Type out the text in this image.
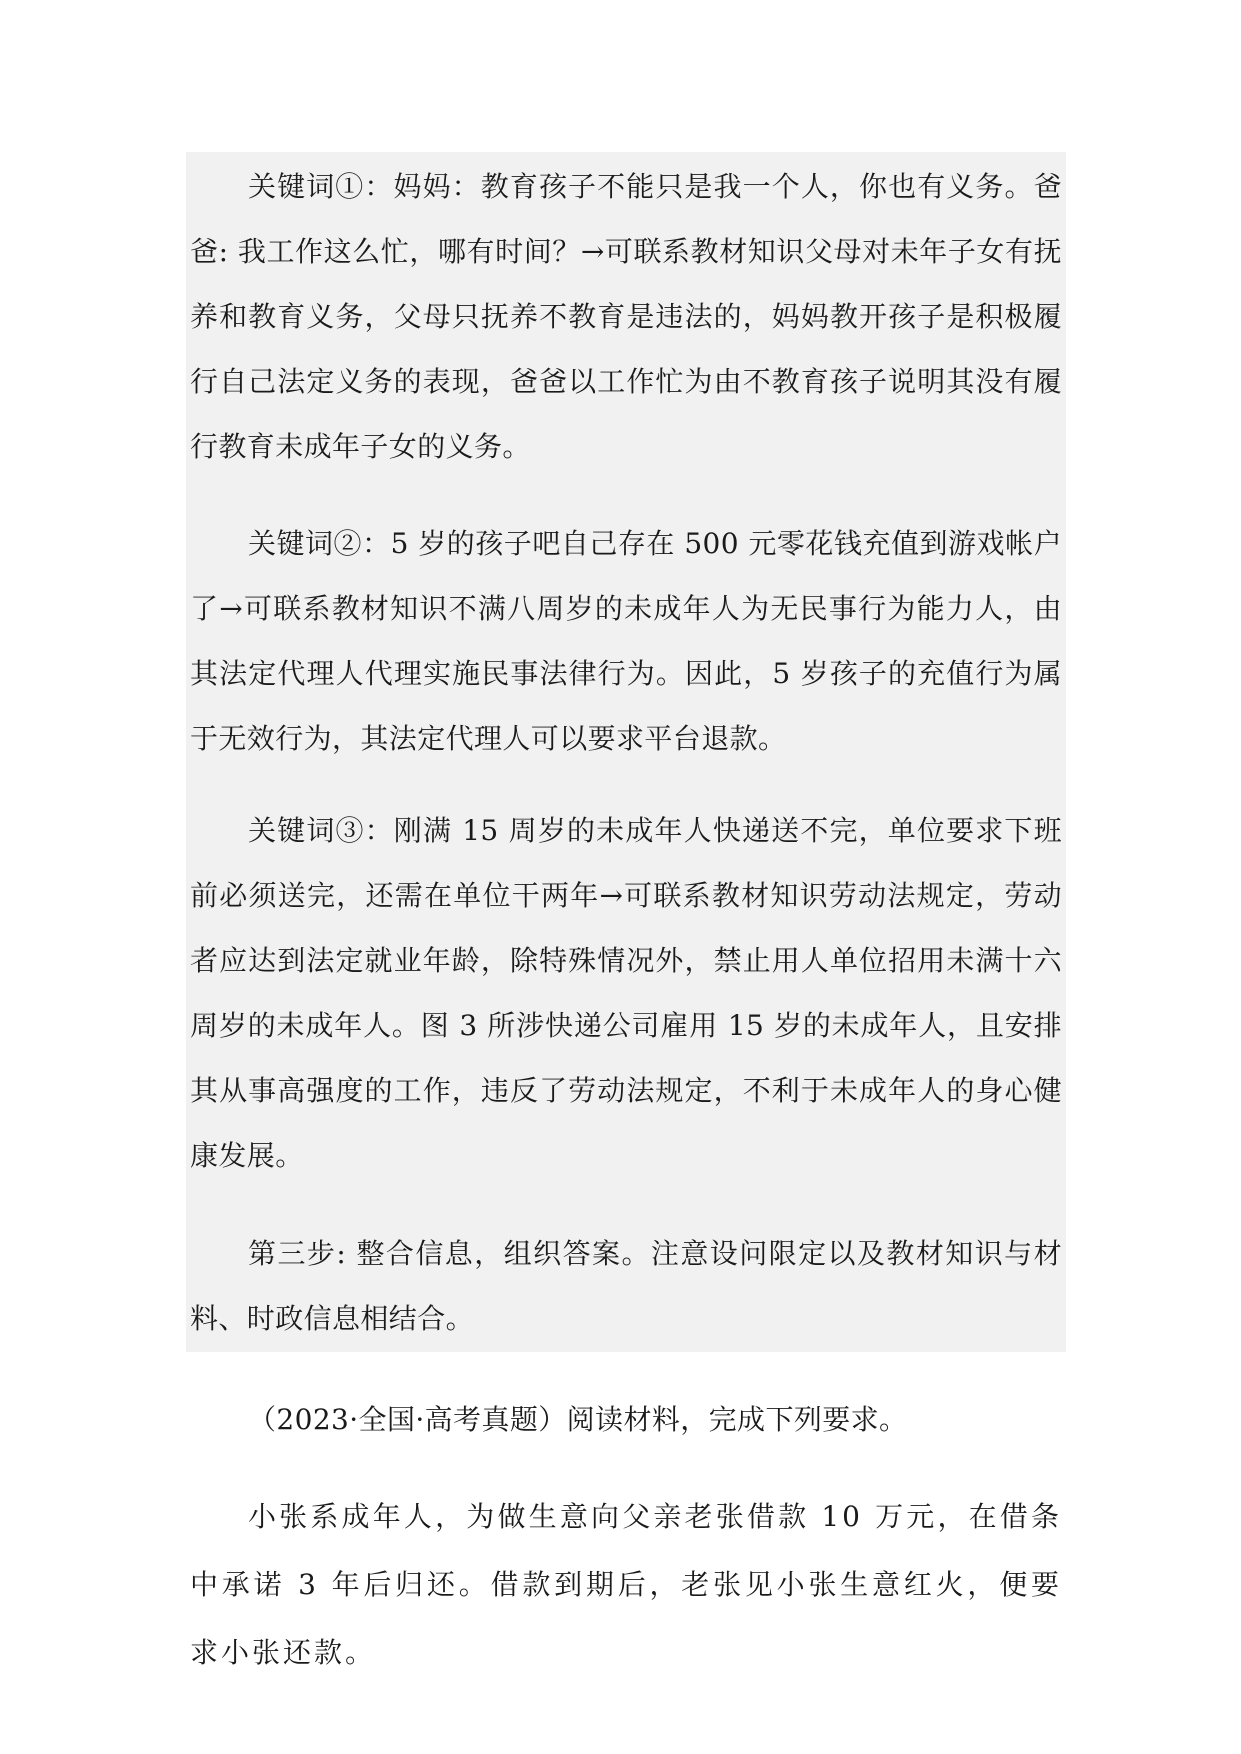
关键词①：妈妈：教育孩子不能只是我一个人，你也有义务。爸爸: 我工作这么忙，哪有时间？→可联系教材知识父母对未年子女有抚养和教育义务，父母只抚养不教育是违法的，妈妈教开孩子是积极履行自己法定义务的表现，爸爸以工作忙为由不教育孩子说明其没有履行教育未成年子女的义务。

关键词②：5 岁的孩子吧自己存在 500 元零花钱充值到游戏帐户了→可联系教材知识不满八周岁的未成年人为无民事行为能力人，由其法定代理人代理实施民事法律行为。因此，5 岁孩子的充值行为属于无效行为，其法定代理人可以要求平台退款。

关键词③：刚满 15 周岁的未成年人快递送不完，单位要求下班前必须送完，还需在单位干两年→可联系教材知识劳动法规定，劳动者应达到法定就业年龄，除特殊情况外，禁止用人单位招用未满十六周岁的未成年人。图 3 所涉快递公司雇用 15 岁的未成年人，且安排其从事高强度的工作，违反了劳动法规定，不利于未成年人的身心健康发展。

第三步: 整合信息，组织答案。注意设问限定以及教材知识与材料、时政信息相结合。

（2023·全国·高考真题）阅读材料，完成下列要求。

小张系成年人，为做生意向父亲老张借款 10 万元，在借条中承诺 3 年后归还。借款到期后，老张见小张生意红火，便要求小张还款。
